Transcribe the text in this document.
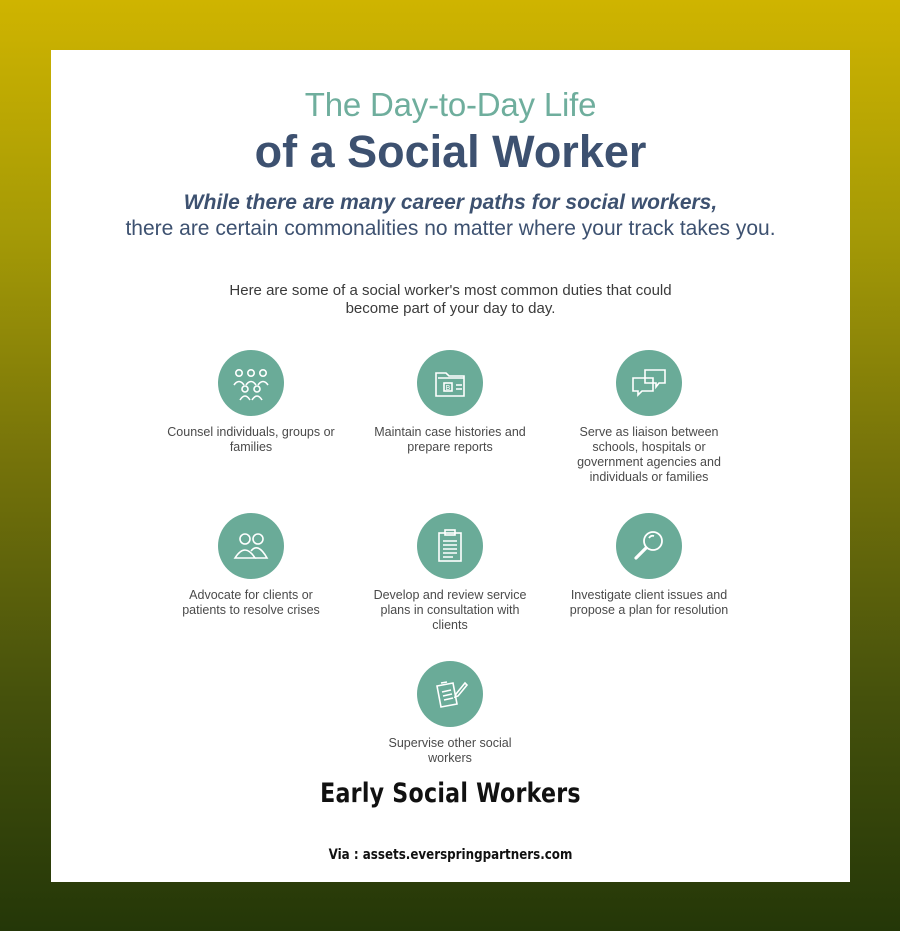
The Day-to-Day Life
of a Social Worker
While there are many career paths for social workers,
there are certain commonalities no matter where your track takes you.
Here are some of a social worker's most common duties that could become part of your day to day.
Counsel individuals, groups or families
B
Maintain case histories and prepare reports
Serve as liaison between schools, hospitals or government agencies and individuals or families
Advocate for clients or patients to resolve crises
Develop and review service plans in consultation with clients
Investigate client issues and propose a plan for resolution
Supervise other social workers
Early Social Workers
Via : assets.everspringpartners.com
